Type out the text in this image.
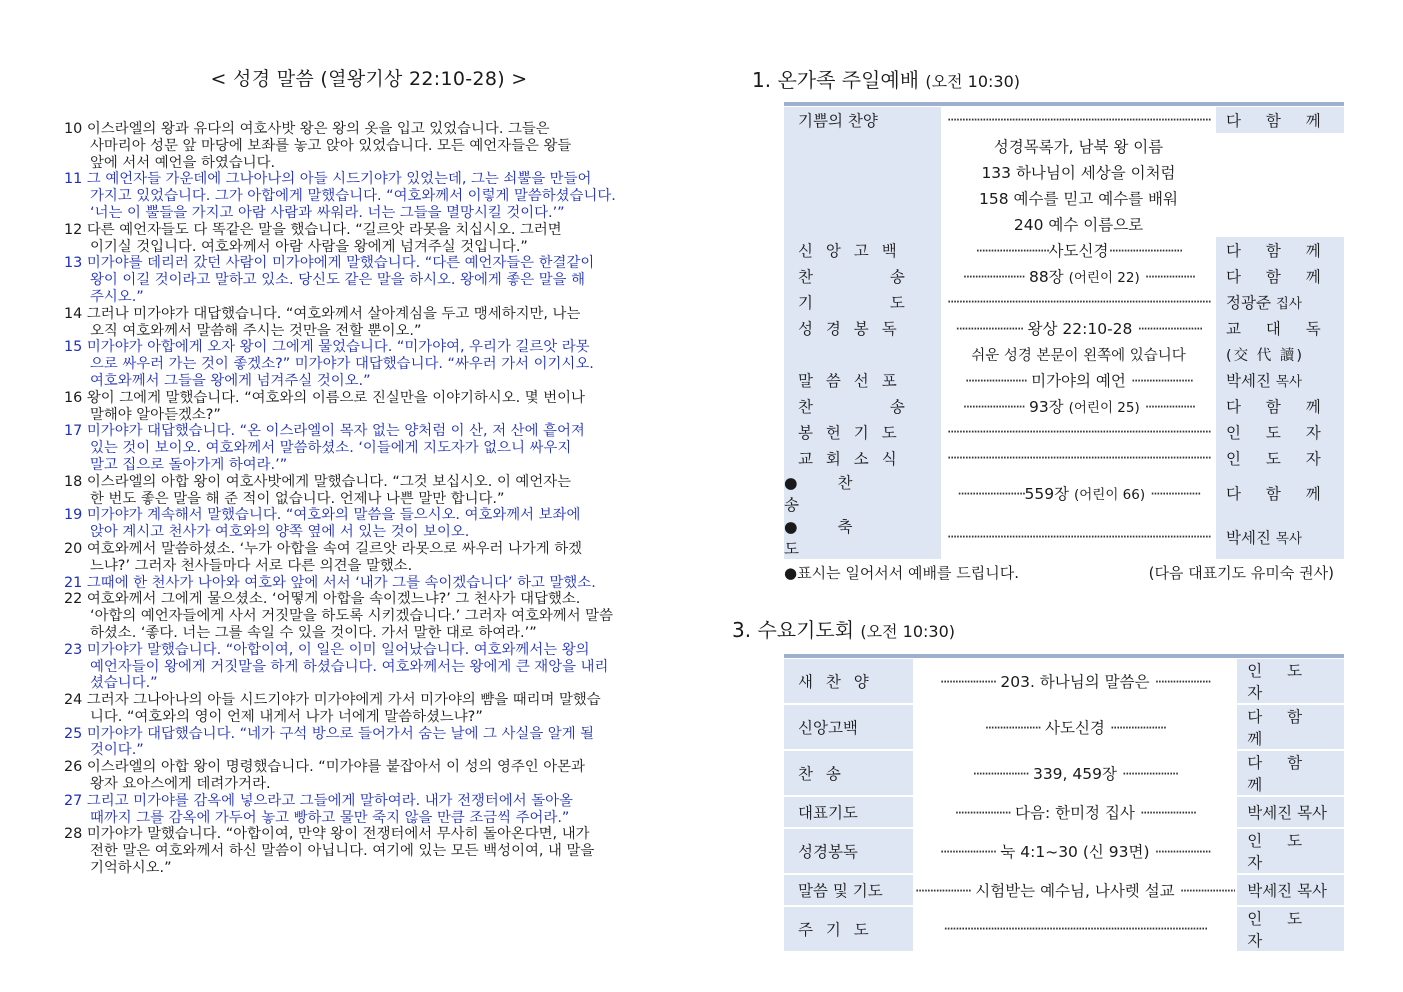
< 성경 말씀 (열왕기상 22:10-28) >

10 이스라엘의 왕과 유다의 여호사밧 왕은 왕의 옷을 입고 있었습니다. 그들은
사마리아 성문 앞 마당에 보좌를 놓고 앉아 있었습니다. 모든 예언자들은 왕들
앞에 서서 예언을 하였습니다.

11 그 예언자들 가운데에 그나아나의 아들 시드기야가 있었는데, 그는 쇠뿔을 만들어
가지고 있었습니다. 그가 아합에게 말했습니다. “여호와께서 이렇게 말씀하셨습니다.
‘너는 이 뿔들을 가지고 아람 사람과 싸워라. 너는 그들을 멸망시킬 것이다.’”

12 다른 예언자들도 다 똑같은 말을 했습니다. “길르앗 라못을 치십시오. 그러면
이기실 것입니다. 여호와께서 아람 사람을 왕에게 넘겨주실 것입니다.”

13 미가야를 데리러 갔던 사람이 미가야에게 말했습니다. “다른 예언자들은 한결같이
왕이 이길 것이라고 말하고 있소. 당신도 같은 말을 하시오. 왕에게 좋은 말을 해
주시오.”

14 그러나 미가야가 대답했습니다. “여호와께서 살아계심을 두고 맹세하지만, 나는
오직 여호와께서 말씀해 주시는 것만을 전할 뿐이오.”

15 미가야가 아합에게 오자 왕이 그에게 물었습니다. “미가야여, 우리가 길르앗 라못
으로 싸우러 가는 것이 좋겠소?” 미가야가 대답했습니다. “싸우러 가서 이기시오.
여호와께서 그들을 왕에게 넘겨주실 것이오.”

16 왕이 그에게 말했습니다. “여호와의 이름으로 진실만을 이야기하시오. 몇 번이나
말해야 알아듣겠소?”

17 미가야가 대답했습니다. “온 이스라엘이 목자 없는 양처럼 이 산, 저 산에 흩어져
있는 것이 보이오. 여호와께서 말씀하셨소. ‘이들에게 지도자가 없으니 싸우지
말고 집으로 돌아가게 하여라.’”

18 이스라엘의 아합 왕이 여호사밧에게 말했습니다. “그것 보십시오. 이 예언자는
한 번도 좋은 말을 해 준 적이 없습니다. 언제나 나쁜 말만 합니다.”

19 미가야가 계속해서 말했습니다. “여호와의 말씀을 들으시오. 여호와께서 보좌에
앉아 계시고 천사가 여호와의 양쪽 옆에 서 있는 것이 보이오.

20 여호와께서 말씀하셨소. ‘누가 아합을 속여 길르앗 라못으로 싸우러 나가게 하겠
느냐?’ 그러자 천사들마다 서로 다른 의견을 말했소.

21 그때에 한 천사가 나아와 여호와 앞에 서서 ‘내가 그를 속이겠습니다’ 하고 말했소.

22 여호와께서 그에게 물으셨소. ‘어떻게 아합을 속이겠느냐?’ 그 천사가 대답했소.
‘아합의 예언자들에게 사서 거짓말을 하도록 시키겠습니다.’ 그러자 여호와께서 말씀
하셨소. ‘좋다. 너는 그를 속일 수 있을 것이다. 가서 말한 대로 하여라.’”

23 미가야가 말했습니다. “아합이여, 이 일은 이미 일어났습니다. 여호와께서는 왕의
예언자들이 왕에게 거짓말을 하게 하셨습니다. 여호와께서는 왕에게 큰 재앙을 내리
셨습니다.”

24 그러자 그나아나의 아들 시드기야가 미가야에게 가서 미가야의 뺨을 때리며 말했습
니다. “여호와의 영이 언제 내게서 나가 너에게 말씀하셨느냐?”

25 미가야가 대답했습니다. “네가 구석 방으로 들어가서 숨는 날에 그 사실을 알게 될
것이다.”

26 이스라엘의 아합 왕이 명령했습니다. “미가야를 붙잡아서 이 성의 영주인 아몬과
왕자 요아스에게 데려가거라.

27 그리고 미가야를 감옥에 넣으라고 그들에게 말하여라. 내가 전쟁터에서 돌아올
때까지 그를 감옥에 가두어 놓고 빵하고 물만 죽지 않을 만큼 조금씩 주어라.”

28 미가야가 말했습니다. “아합이여, 만약 왕이 전쟁터에서 무사히 돌아온다면, 내가
전한 말은 여호와께서 하신 말씀이 아닙니다. 여기에 있는 모든 백성이여, 내 말을
기억하시오.”

1. 온가족 주일예배 (오전 10:30)

기쁨의 찬양	··························································································	다 함 께
	성경목록가, 남북 왕 이름	
	133 하나님이 세상을 이처럼	
	158 예수를 믿고 예수를 배워	
	240 예수 이름으로	
신 앙 고 백	·························사도신경·························	다 함 께
찬 송	····················· 88장 (어린이 22) ·················	다 함 께
기 도	··························································································	정광준 집사
성 경 봉 독	······················· 왕상 22:10-28 ······················	교 대 독
	쉬운 성경 본문이 왼쪽에 있습니다	(交 代 讀)
말 씀 선 포	····················· 미가야의 예언 ·····················	박세진 목사
찬 송	····················· 93장 (어린이 25) ·················	다 함 께
봉 헌 기 도	··························································································	인 도 자
교 회 소 식	··························································································	인 도 자
●찬 송	·······················559장 (어린이 66) ·················	다 함 께
●축 도	··························································································	박세진 목사
●표시는 일어서서 예배를 드립니다.	(다음 대표기도 유미숙 권사)
3. 수요기도회 (오전 10:30)

새 찬 양	··················· 203. 하나님의 말씀은 ···················	인 도 자
신앙고백	··················· 사도신경 ···················	다 함 께
찬 송	··················· 339, 459장 ···················	다 함 께
대표기도	··················· 다음: 한미정 집사 ···················	박세진 목사
성경봉독	··················· 눅 4:1~30 (신 93면) ···················	인 도 자
말씀 및 기도	··················· 시험받는 예수님, 나사렛 설교 ···················	박세진 목사
주 기 도	··························································································	인 도 자
